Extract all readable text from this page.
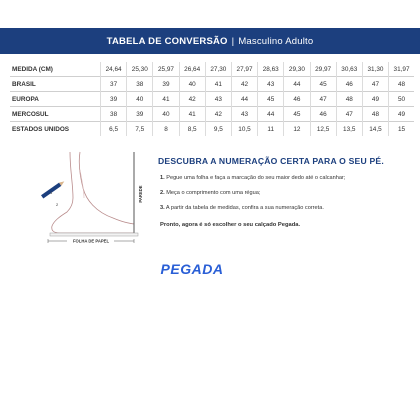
TABELA DE CONVERSÃO | Masculino Adulto
MEDIDA (CM)	24,64	25,30	25,97	26,64	27,30	27,97	28,63	29,30	29,97	30,63	31,30	31,97
BRASIL	37	38	39	40	41	42	43	44	45	46	47	48
EUROPA	39	40	41	42	43	44	45	46	47	48	49	50
MERCOSUL	38	39	40	41	42	43	44	45	46	47	48	49
ESTADOS UNIDOS	6,5	7,5	8	8,5	9,5	10,5	11	12	12,5	13,5	14,5	15
PAREDE
FOLHA DE PAPEL
1
2
DESCUBRA A NUMERAÇÃO CERTA PARA O SEU PÉ.
1. Pegue uma folha e faça a marcação do seu maior dedo até o calcanhar;
2. Meça o comprimento com uma régua;
3. A partir da tabela de medidas, confira a sua numeração correta.
Pronto, agora é só escolher o seu calçado Pegada.
PEGADA
